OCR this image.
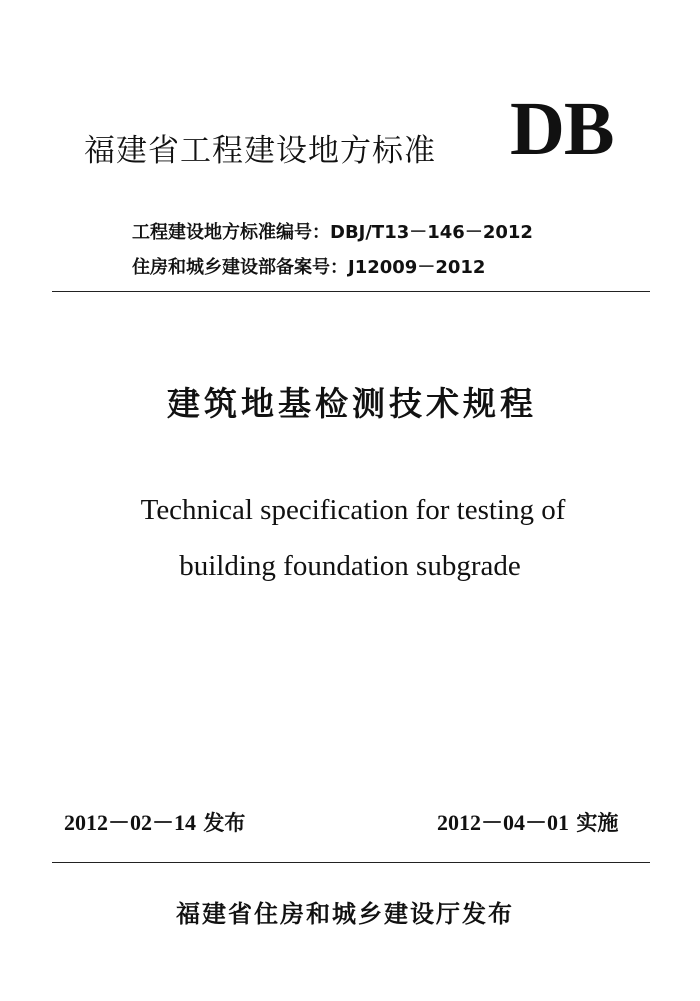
福建省工程建设地方标准 DB
工程建设地方标准编号：DBJ/T13－146－2012
住房和城乡建设部备案号：J12009－2012
建筑地基检测技术规程
Technical specification for testing of
building foundation subgrade
2012－02－14 发布	2012－04－01 实施
福建省住房和城乡建设厅发布
